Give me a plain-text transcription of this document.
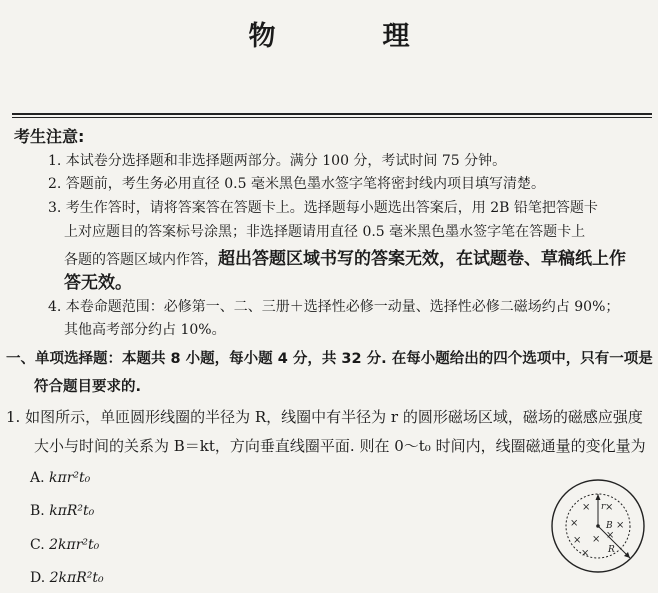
物　理
考生注意:
1. 本试卷分选择题和非选择题两部分。满分 100 分，考试时间 75 分钟。
2. 答题前，考生务必用直径 0.5 毫米黑色墨水签字笔将密封线内项目填写清楚。
3. 考生作答时，请将答案答在答题卡上。选择题每小题选出答案后，用 2B 铅笔把答题卡
上对应题目的答案标号涂黑；非选择题请用直径 0.5 毫米黑色墨水签字笔在答题卡上
各题的答题区域内作答，超出答题区域书写的答案无效，在试题卷、草稿纸上作
答无效。
4. 本卷命题范围：必修第一、二、三册＋选择性必修一动量、选择性必修二磁场约占 90%；
其他高考部分约占 10%。
一、单项选择题：本题共 8 小题，每小题 4 分，共 32 分. 在每小题给出的四个选项中，只有一项是
符合题目要求的.
1. 如图所示，单匝圆形线圈的半径为 R，线圈中有半径为 r 的圆形磁场区域，磁场的磁感应强度
大小与时间的关系为 B＝kt，方向垂直线圈平面. 则在 0～t₀ 时间内，线圈磁通量的变化量为
A. kπr²t₀
B. kπR²t₀
C. 2kπr²t₀
D. 2kπR²t₀
× ×
×	×
× ×
×
×
r
B
R
